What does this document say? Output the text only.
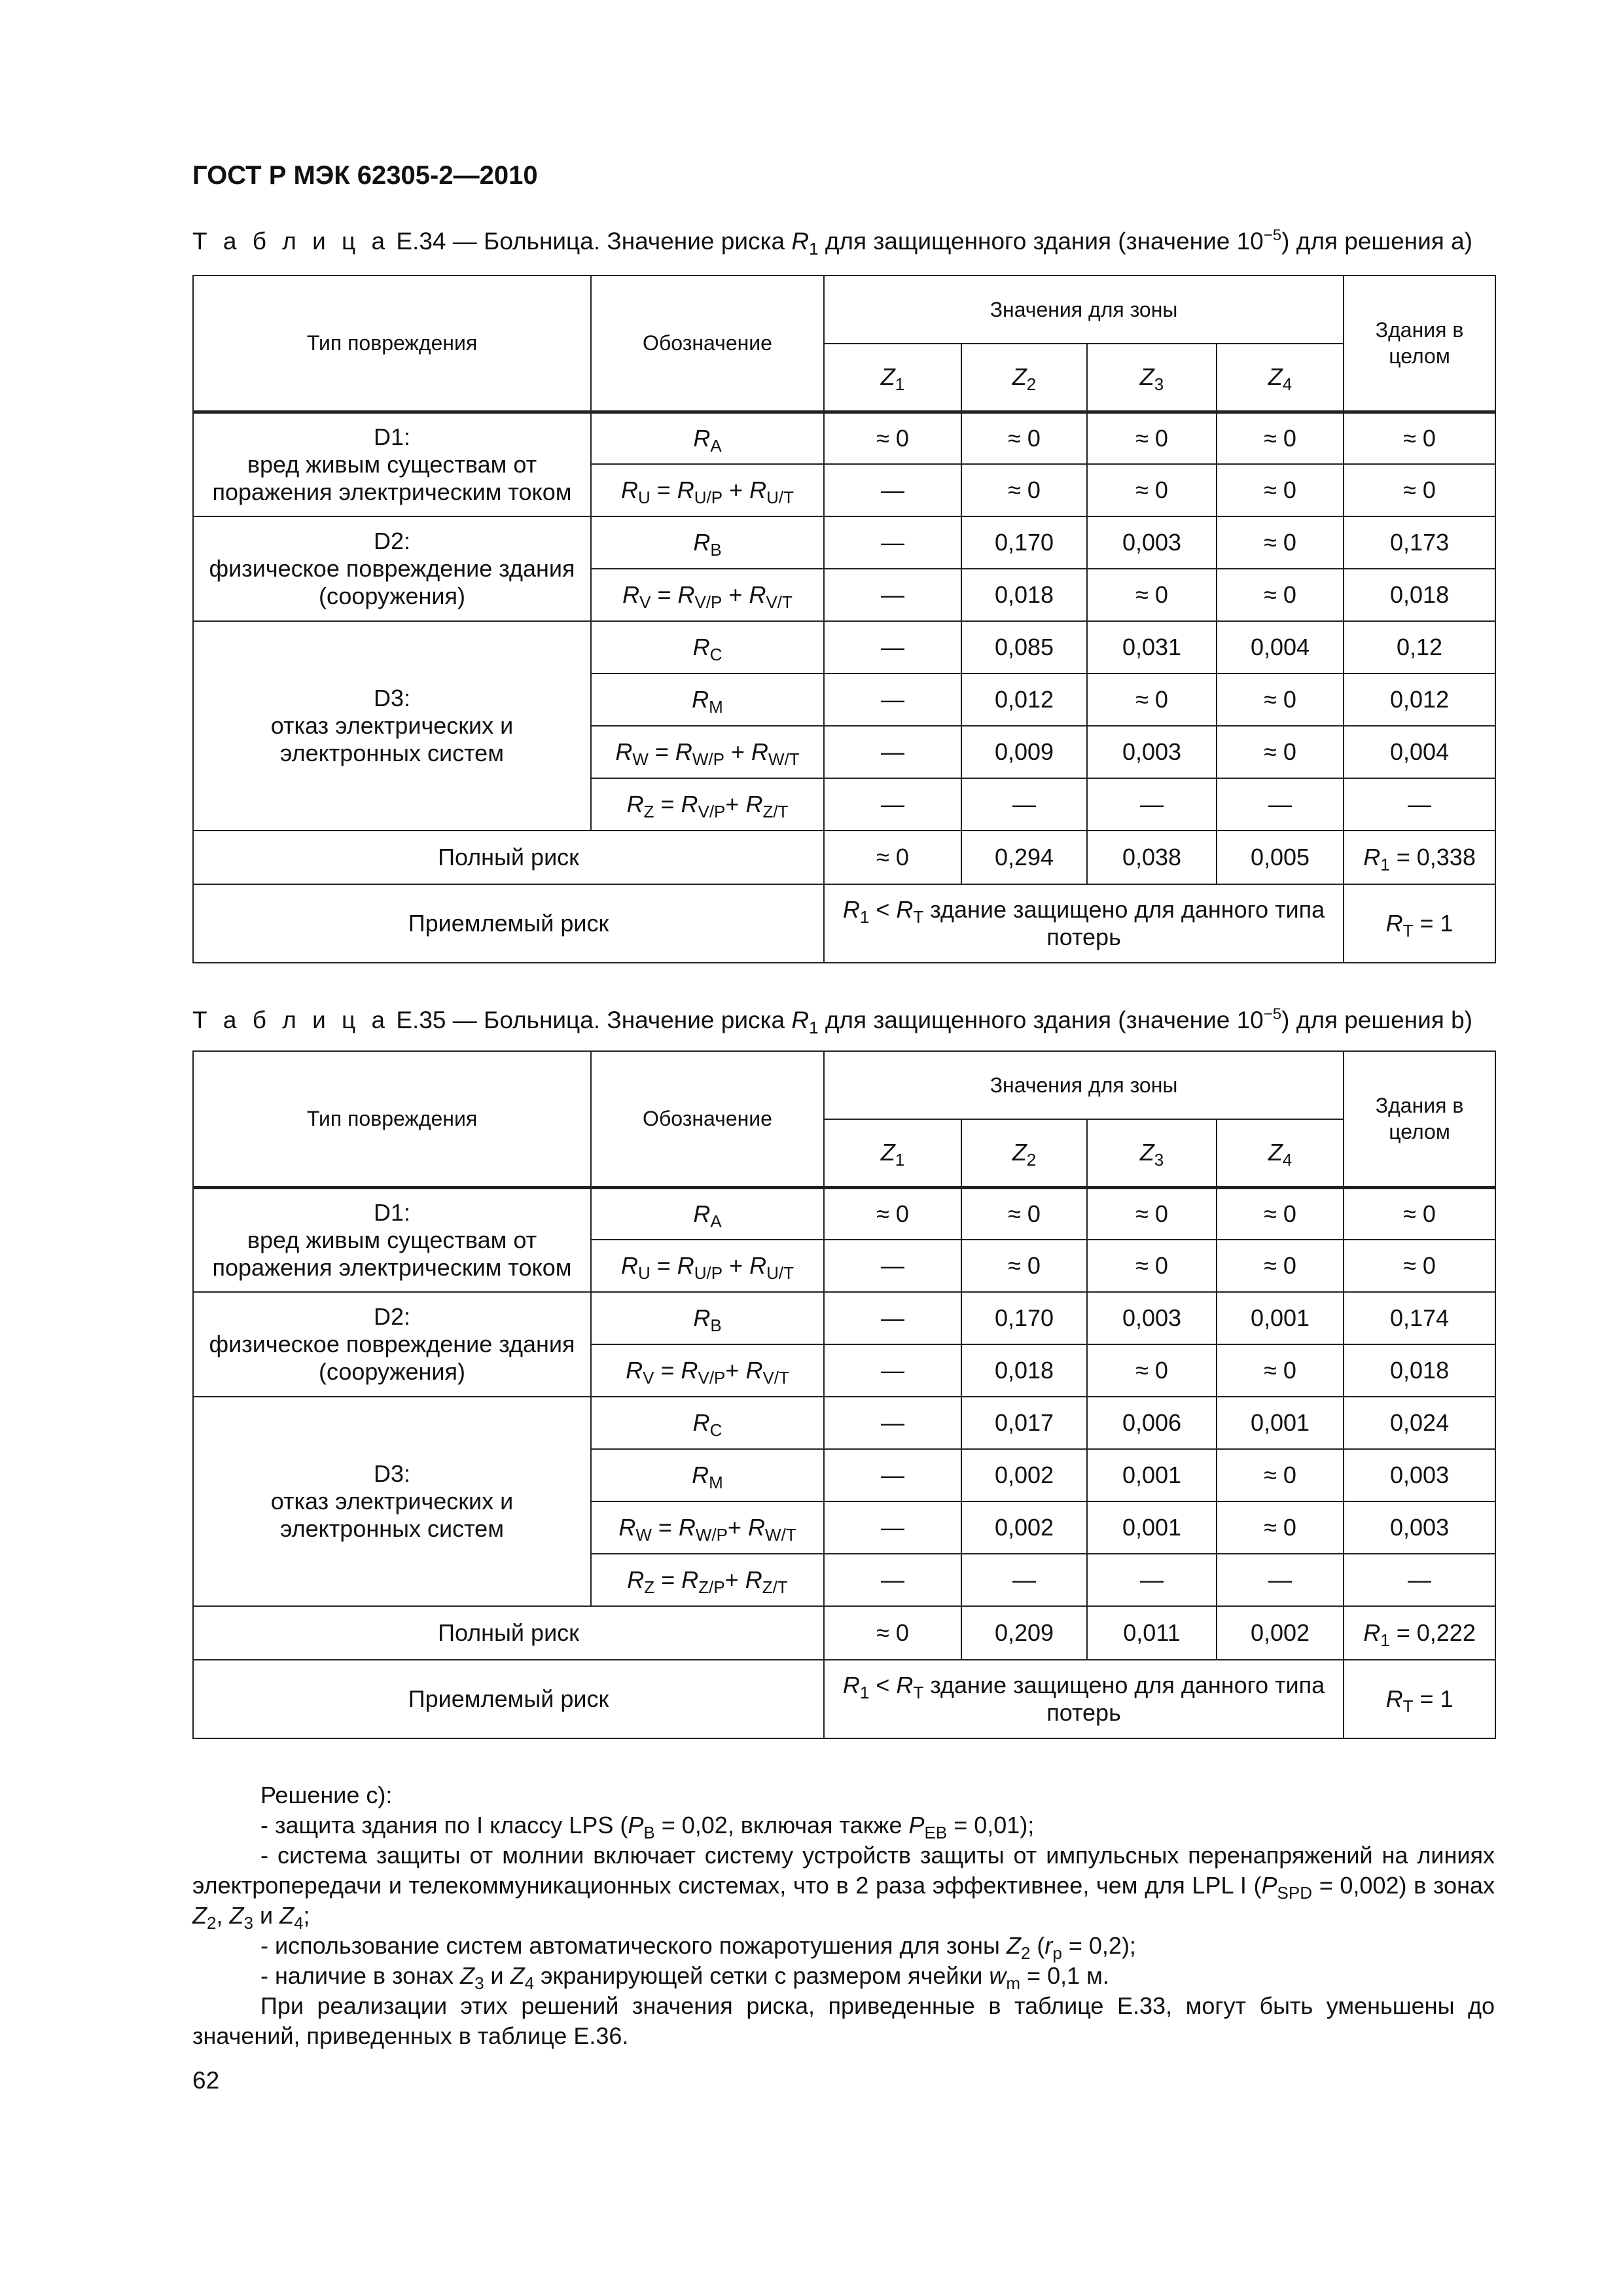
ГОСТ Р МЭК 62305-2—2010
Т а б л и ц а Е.34 — Больница. Значение риска $R_1$ для защищенного здания (значение $10^{-5}$) для решения а)
Тип повреждения	Обозначение	Значения для зоны				Здания в целом
		$Z_1$	$Z_2$	$Z_3$	$Z_4$

D1:
вред живым существам от поражения электрическим током	$R_A$	≈ 0	≈ 0	≈ 0	≈ 0	≈ 0
	$R_U = R_{U/P} + R_{U/T}$	—	≈ 0	≈ 0	≈ 0	≈ 0

D2:
физическое повреждение здания (сооружения)	$R_B$	—	0,170	0,003	≈ 0	0,173
	$R_V = R_{V/P} + R_{V/T}$	—	0,018	≈ 0	≈ 0	0,018

D3:
отказ электрических и электронных систем	$R_C$	—	0,085	0,031	0,004	0,12
	$R_M$	—	0,012	≈ 0	≈ 0	0,012
	$R_W = R_{W/P} + R_{W/T}$	—	0,009	0,003	≈ 0	0,004
	$R_Z = R_{V/P}+ R_{Z/T}$	—	—	—	—	—
Полный риск		≈ 0	0,294	0,038	0,005	$R_1 = 0,338$
Приемлемый риск		$R_1 < R_T$ здание защищено для данного типа потерь				$R_T = 1$
Т а б л и ц а Е.35 — Больница. Значение риска $R_1$ для защищенного здания (значение $10^{-5}$) для решения b)
Тип повреждения	Обозначение	Значения для зоны				Здания в целом
		$Z_1$	$Z_2$	$Z_3$	$Z_4$

D1:
вред живым существам от поражения электрическим током	$R_A$	≈ 0	≈ 0	≈ 0	≈ 0	≈ 0
	$R_U = R_{U/P} + R_{U/T}$	—	≈ 0	≈ 0	≈ 0	≈ 0

D2:
физическое повреждение здания (сооружения)	$R_B$	—	0,170	0,003	0,001	0,174
	$R_V = R_{V/P}+ R_{V/T}$	—	0,018	≈ 0	≈ 0	0,018

D3:
отказ электрических и электронных систем	$R_C$	—	0,017	0,006	0,001	0,024
	$R_M$	—	0,002	0,001	≈ 0	0,003
	$R_W = R_{W/P}+ R_{W/T}$	—	0,002	0,001	≈ 0	0,003
	$R_Z = R_{Z/P}+ R_{Z/T}$	—	—	—	—	—
Полный риск		≈ 0	0,209	0,011	0,002	$R_1 = 0,222$
Приемлемый риск		$R_1 < R_T$ здание защищено для данного типа потерь				$R_T = 1$

Решение с):

- защита здания по I классу LPS ($P_B = 0,02$, включая также $P_{EB} = 0,01$);

- система защиты от молнии включает систему устройств защиты от импульсных перенапряжений на линиях электропередачи и телекоммуникационных системах, что в 2 раза эффективнее, чем для LPL I $(P_{SPD} = 0,002)$ в зонах $Z_2$, $Z_3$ и $Z_4$;

- использование систем автоматического пожаротушения для зоны $Z_2$ $(r_p = 0,2)$;

- наличие в зонах $Z_3$ и $Z_4$ экранирующей сетки с размером ячейки $w_m = 0,1$ м.

При реализации этих решений значения риска, приведенные в таблице Е.33, могут быть уменьшены до значений, приведенных в таблице Е.36.

62
